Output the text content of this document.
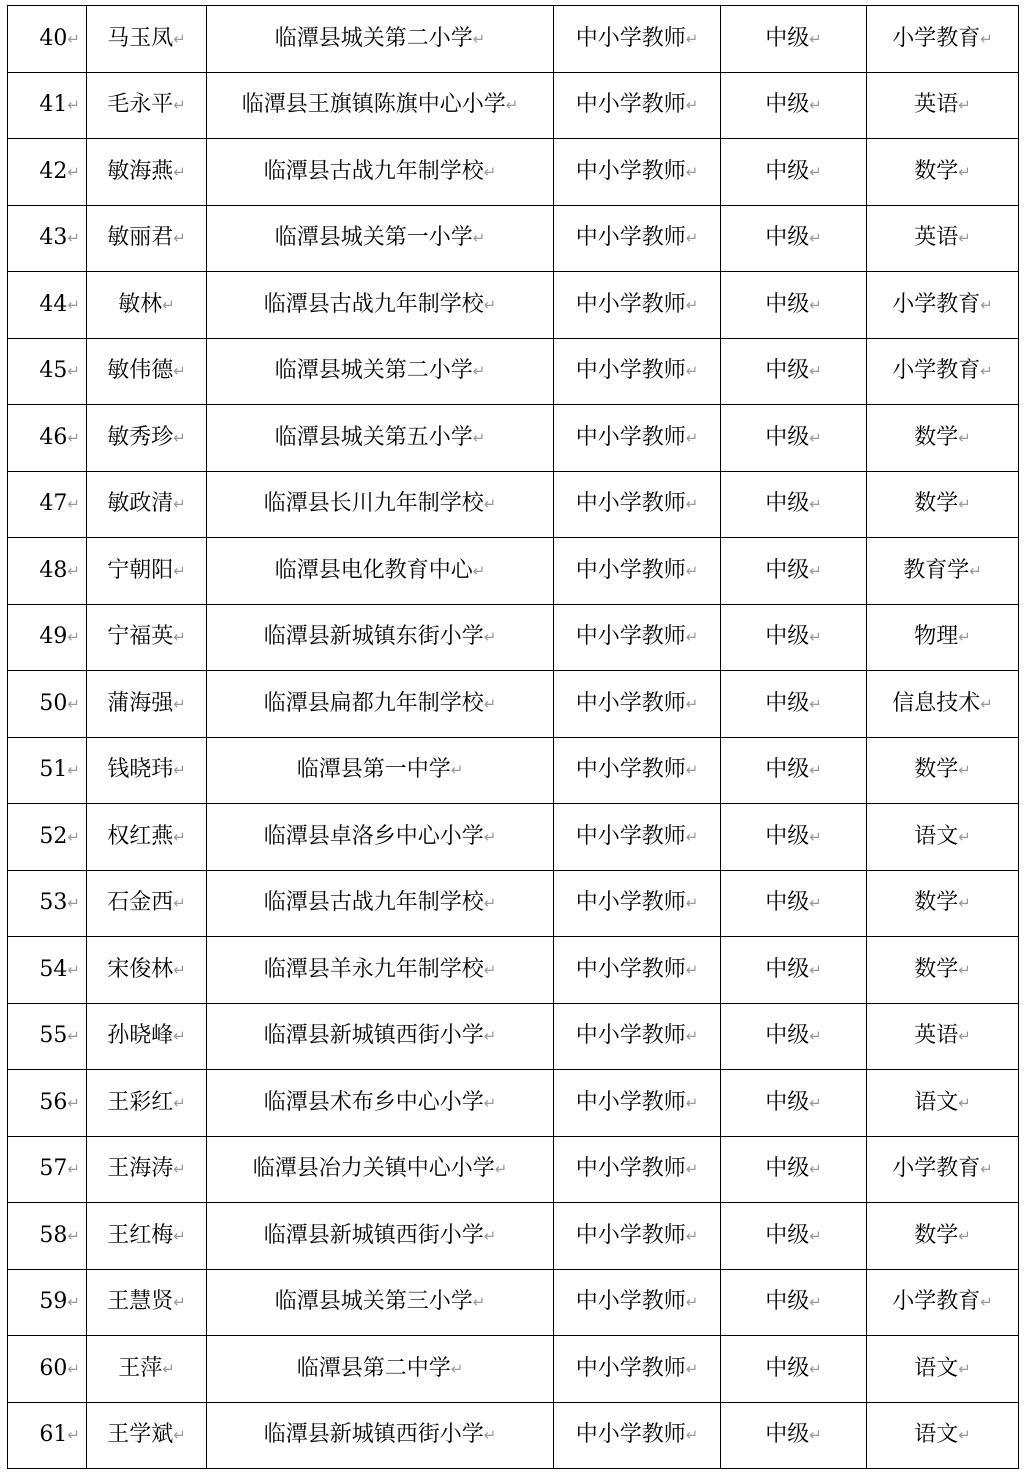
40↵	马玉凤↵	临潭县城关第二小学↵	中小学教师↵	中级↵	小学教育↵
41↵	毛永平↵	临潭县王旗镇陈旗中心小学↵	中小学教师↵	中级↵	英语↵
42↵	敏海燕↵	临潭县古战九年制学校↵	中小学教师↵	中级↵	数学↵
43↵	敏丽君↵	临潭县城关第一小学↵	中小学教师↵	中级↵	英语↵
44↵	敏林↵	临潭县古战九年制学校↵	中小学教师↵	中级↵	小学教育↵
45↵	敏伟德↵	临潭县城关第二小学↵	中小学教师↵	中级↵	小学教育↵
46↵	敏秀珍↵	临潭县城关第五小学↵	中小学教师↵	中级↵	数学↵
47↵	敏政清↵	临潭县长川九年制学校↵	中小学教师↵	中级↵	数学↵
48↵	宁朝阳↵	临潭县电化教育中心↵	中小学教师↵	中级↵	教育学↵
49↵	宁福英↵	临潭县新城镇东街小学↵	中小学教师↵	中级↵	物理↵
50↵	蒲海强↵	临潭县扁都九年制学校↵	中小学教师↵	中级↵	信息技术↵
51↵	钱晓玮↵	临潭县第一中学↵	中小学教师↵	中级↵	数学↵
52↵	权红燕↵	临潭县卓洛乡中心小学↵	中小学教师↵	中级↵	语文↵
53↵	石金西↵	临潭县古战九年制学校↵	中小学教师↵	中级↵	数学↵
54↵	宋俊林↵	临潭县羊永九年制学校↵	中小学教师↵	中级↵	数学↵
55↵	孙晓峰↵	临潭县新城镇西街小学↵	中小学教师↵	中级↵	英语↵
56↵	王彩红↵	临潭县术布乡中心小学↵	中小学教师↵	中级↵	语文↵
57↵	王海涛↵	临潭县冶力关镇中心小学↵	中小学教师↵	中级↵	小学教育↵
58↵	王红梅↵	临潭县新城镇西街小学↵	中小学教师↵	中级↵	数学↵
59↵	王慧贤↵	临潭县城关第三小学↵	中小学教师↵	中级↵	小学教育↵
60↵	王萍↵	临潭县第二中学↵	中小学教师↵	中级↵	语文↵
61↵	王学斌↵	临潭县新城镇西街小学↵	中小学教师↵	中级↵	语文↵
